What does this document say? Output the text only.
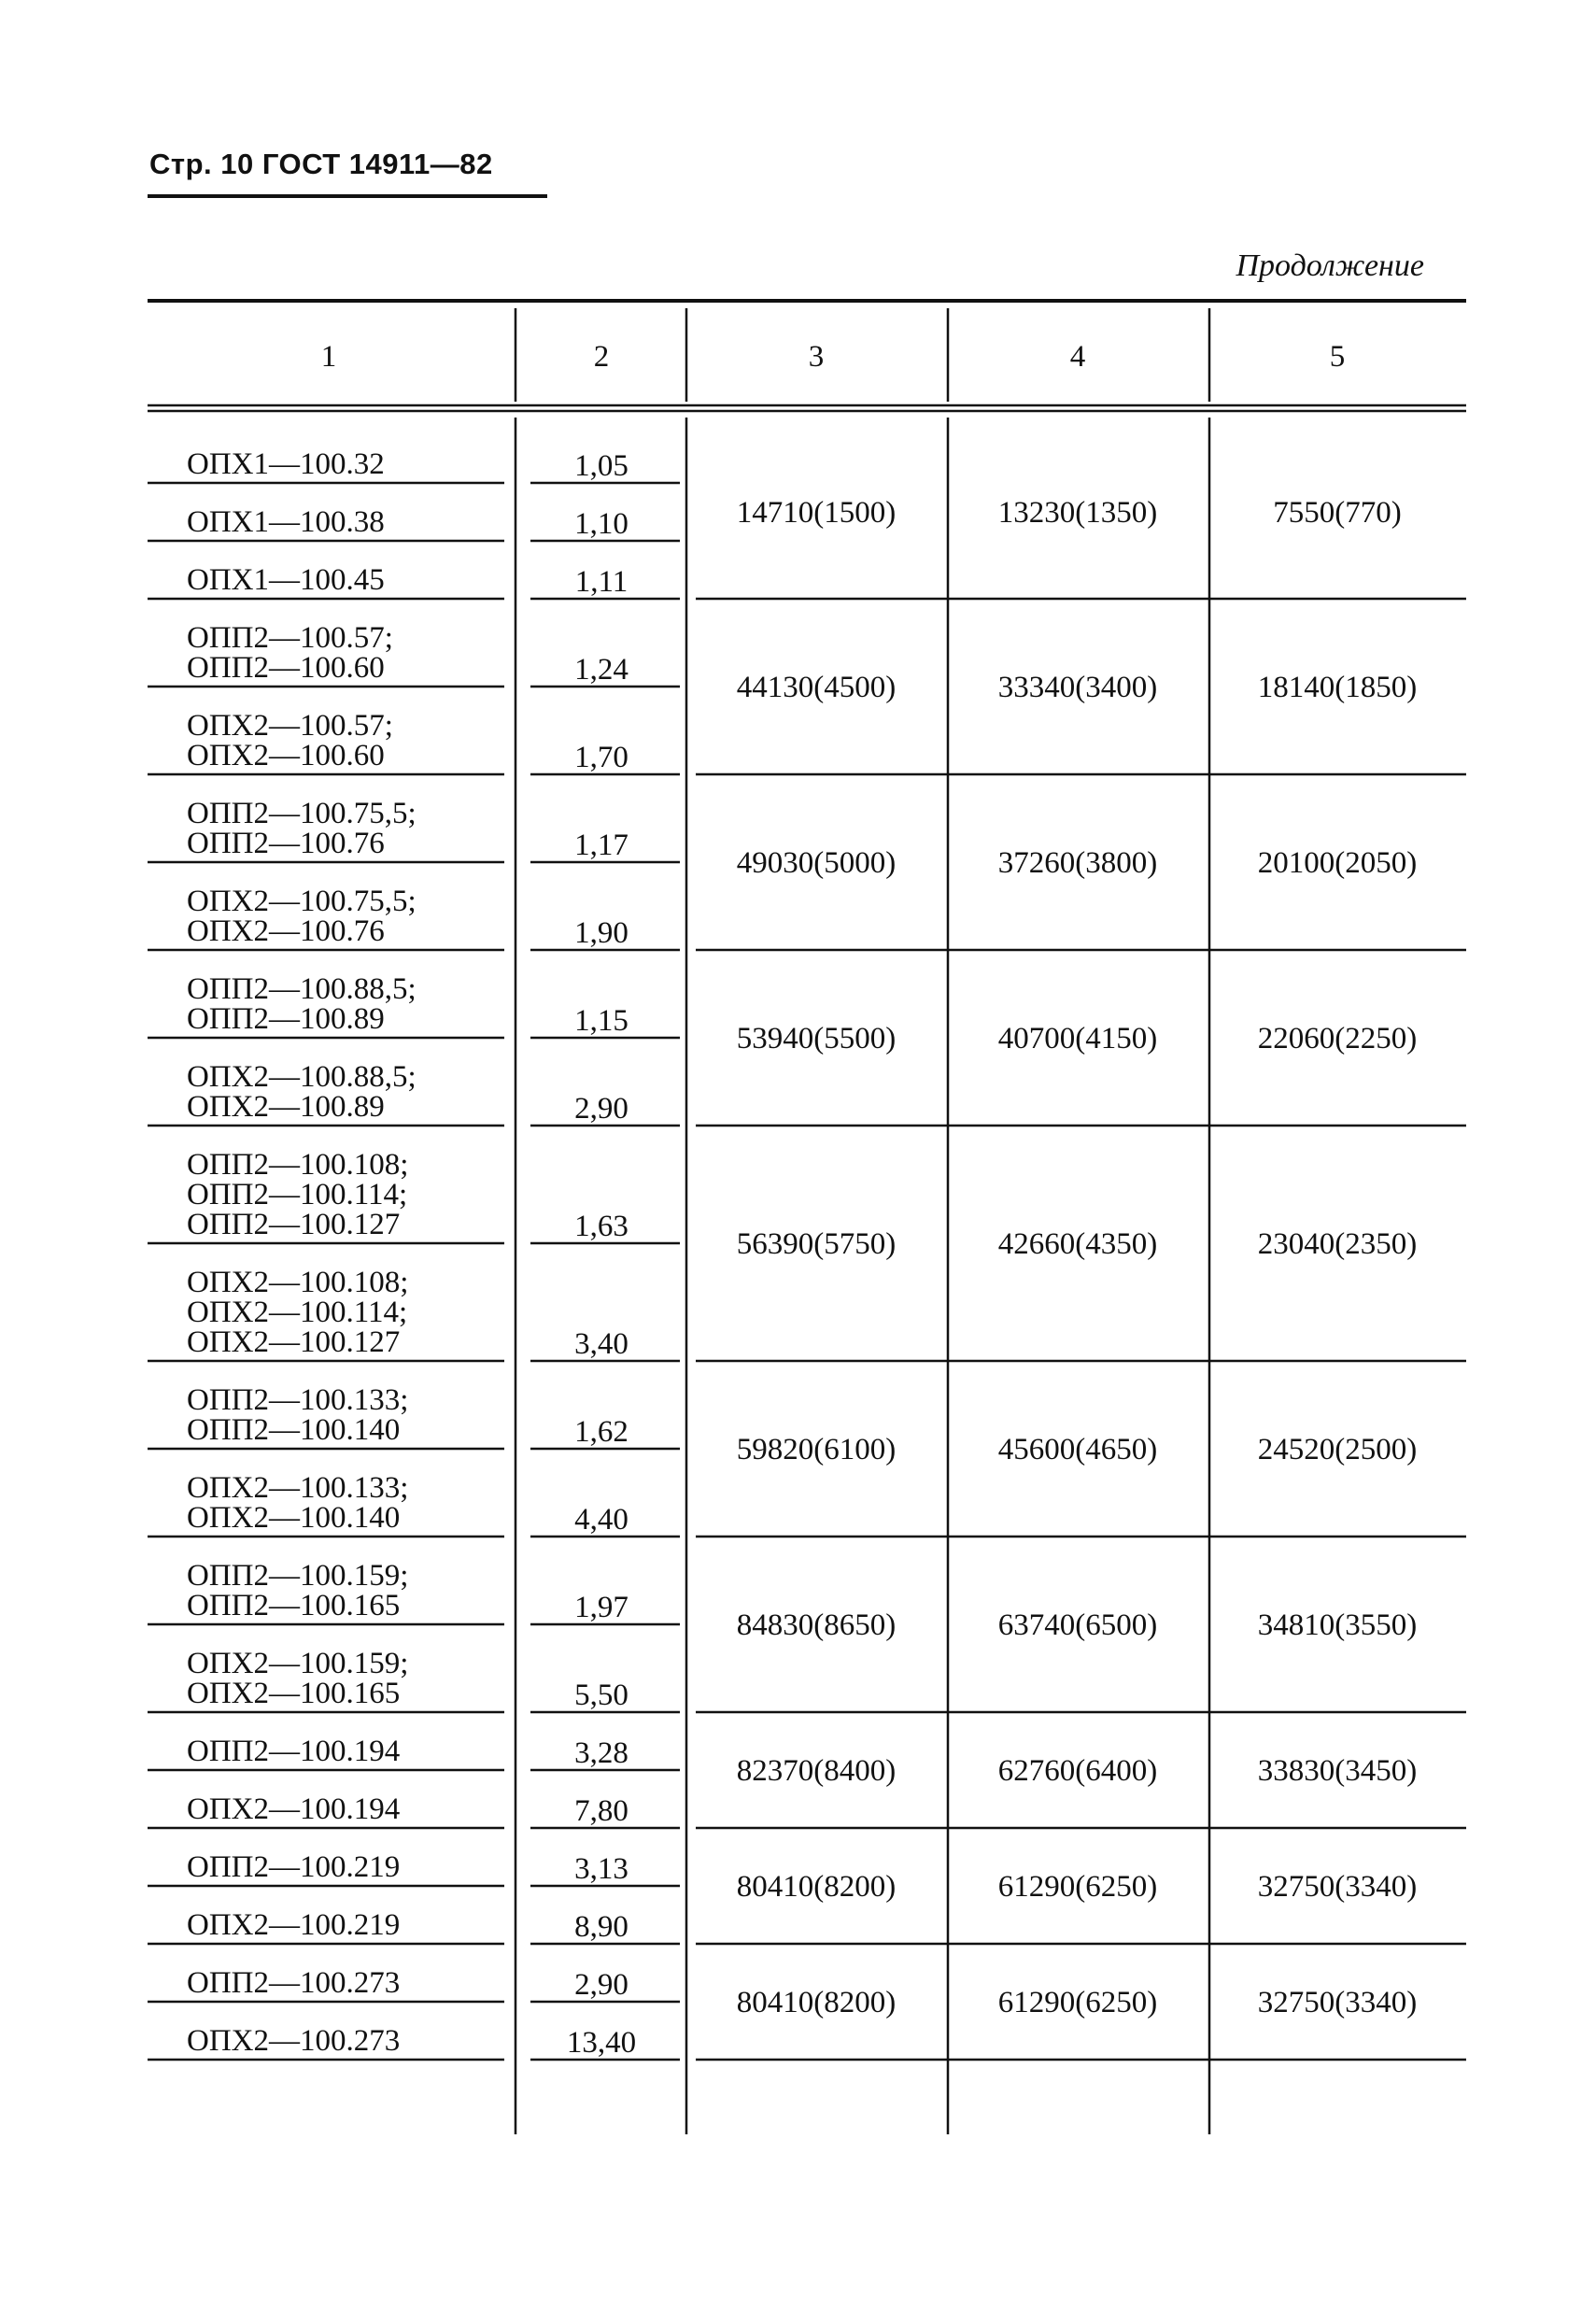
Стр. 10 ГОСТ 14911—82
Продолжение
1	2	3	4	5
ОПХ1—100.32	1,05
ОПХ1—100.38	1,10
ОПХ1—100.45	1,11
14710(1500)	13230(1350)	7550(770)
ОПП2—100.57;
ОПП2—100.60	1,24
ОПХ2—100.57;
ОПХ2—100.60	1,70
44130(4500)	33340(3400)	18140(1850)
ОПП2—100.75,5;
ОПП2—100.76	1,17
ОПХ2—100.75,5;
ОПХ2—100.76	1,90
49030(5000)	37260(3800)	20100(2050)
ОПП2—100.88,5;
ОПП2—100.89	1,15
ОПХ2—100.88,5;
ОПХ2—100.89	2,90
53940(5500)	40700(4150)	22060(2250)
ОПП2—100.108;
ОПП2—100.114;
ОПП2—100.127	1,63
ОПХ2—100.108;
ОПХ2—100.114;
ОПХ2—100.127	3,40
56390(5750)	42660(4350)	23040(2350)
ОПП2—100.133;
ОПП2—100.140	1,62
ОПХ2—100.133;
ОПХ2—100.140	4,40
59820(6100)	45600(4650)	24520(2500)
ОПП2—100.159;
ОПП2—100.165	1,97
ОПХ2—100.159;
ОПХ2—100.165	5,50
84830(8650)	63740(6500)	34810(3550)
ОПП2—100.194	3,28
ОПХ2—100.194	7,80
82370(8400)	62760(6400)	33830(3450)
ОПП2—100.219	3,13
ОПХ2—100.219	8,90
80410(8200)	61290(6250)	32750(3340)
ОПП2—100.273	2,90
ОПХ2—100.273	13,40
80410(8200)	61290(6250)	32750(3340)
